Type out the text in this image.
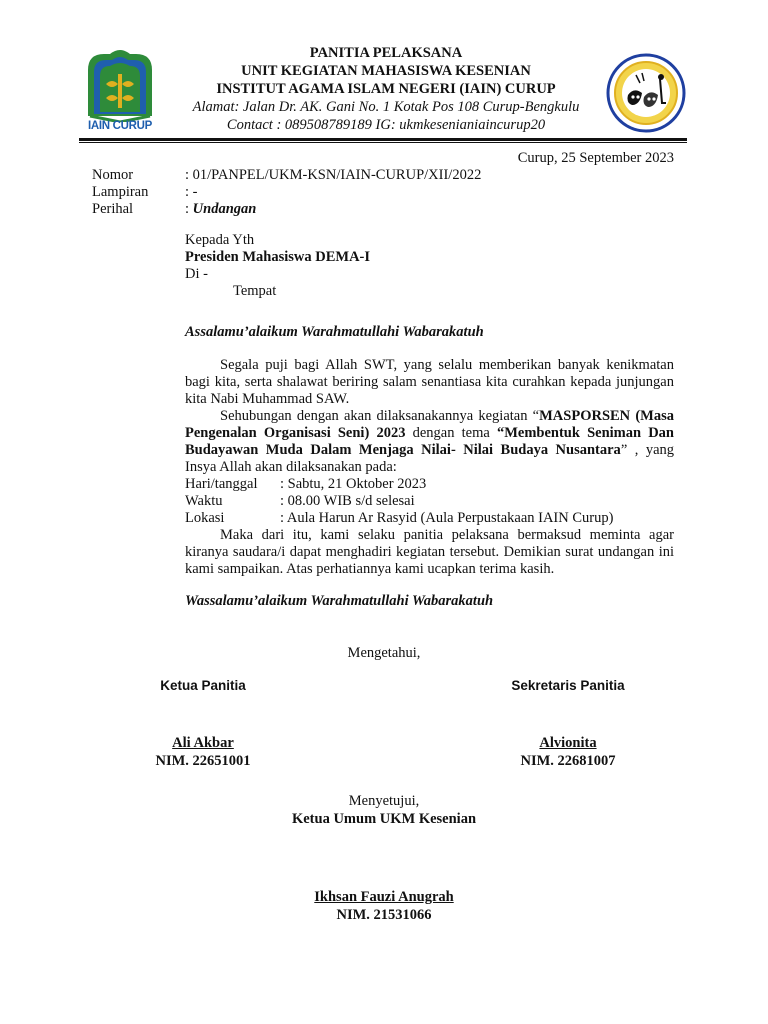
IAIN CURUP
PANITIA PELAKSANA
UNIT KEGIATAN MAHASISWA KESENIAN
INSTITUT AGAMA ISLAM NEGERI (IAIN) CURUP
Alamat: Jalan Dr. AK. Gani No. 1 Kotak Pos 108 Curup-Bengkulu
Contact : 089508789189 IG: ukmkesenianiaincurup20
Curup, 25 September 2023
Nomor	: 01/PANPEL/UKM-KSN/IAIN-CURUP/XII/2022
Lampiran	: -
Perihal	: Undangan
Kepada Yth
Presiden Mahasiswa DEMA-I
Di -
Tempat
Assalamu’alaikum Warahmatullahi Wabarakatuh

Segala puji bagi Allah SWT, yang selalu memberikan banyak kenikmatan bagi kita, serta shalawat beriring salam senantiasa kita curahkan kepada junjungan kita Nabi Muhammad SAW.

Sehubungan dengan akan dilaksanakannya kegiatan “MASPORSEN (Masa Pengenalan Organisasi Seni) 2023 dengan tema “Membentuk Seniman Dan Budayawan Muda Dalam Menjaga Nilai- Nilai Budaya Nusantara” , yang Insya Allah akan dilaksanakan pada:

Hari/tanggal : Sabtu, 21 Oktober 2023
Waktu	: 08.00 WIB s/d selesai
Lokasi	: Aula Harun Ar Rasyid (Aula Perpustakaan IAIN Curup)

Maka dari itu, kami selaku panitia pelaksana bermaksud meminta agar kiranya saudara/i dapat menghadiri kegiatan tersebut. Demikian surat undangan ini kami sampaikan. Atas perhatiannya kami ucapkan terima kasih.

Wassalamu’alaikum Warahmatullahi Wabarakatuh
Mengetahui,
Ketua Panitia	Sekretaris Panitia
Ali Akbar
NIM. 22651001
Alvionita
NIM. 22681007
Menyetujui,
Ketua Umum UKM Kesenian
Ikhsan Fauzi Anugrah
NIM. 21531066
